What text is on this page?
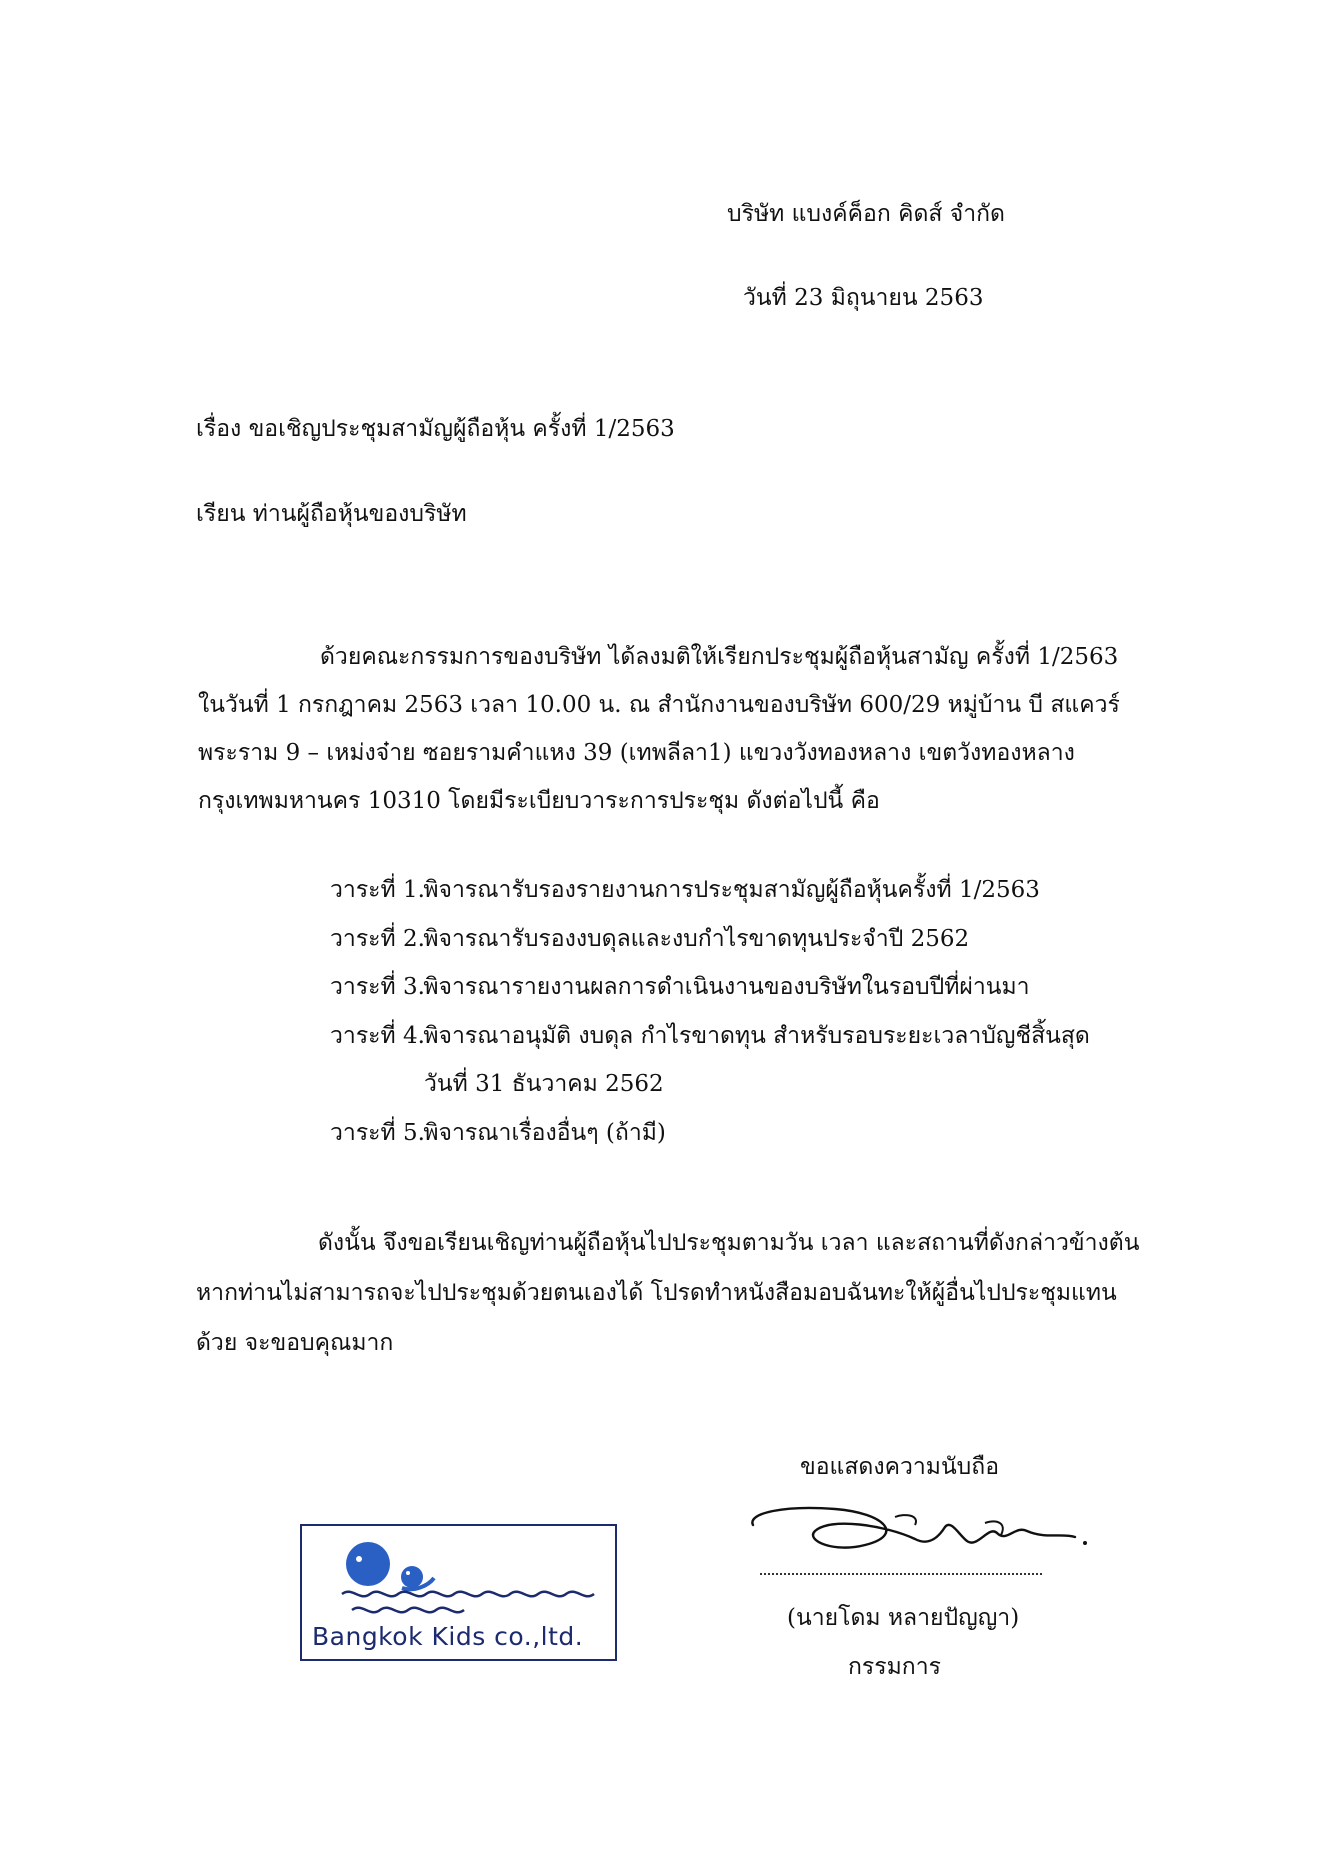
บริษัท แบงค์ค็อก คิดส์ จำกัด
วันที่ 23 มิถุนายน 2563
เรื่อง ขอเชิญประชุมสามัญผู้ถือหุ้น ครั้งที่ 1/2563
เรียน ท่านผู้ถือหุ้นของบริษัท
ด้วยคณะกรรมการของบริษัท ได้ลงมติให้เรียกประชุมผู้ถือหุ้นสามัญ ครั้งที่ 1/2563
ในวันที่ 1 กรกฎาคม 2563 เวลา 10.00 น. ณ สำนักงานของบริษัท 600/29 หมู่บ้าน บี สแควร์
พระราม 9 – เหม่งจ๋าย ซอยรามคำแหง 39 (เทพลีลา1) แขวงวังทองหลาง เขตวังทองหลาง
กรุงเทพมหานคร 10310 โดยมีระเบียบวาระการประชุม ดังต่อไปนี้ คือ
วาระที่ 1. พิจารณารับรองรายงานการประชุมสามัญผู้ถือหุ้นครั้งที่ 1/2563
วาระที่ 2. พิจารณารับรองงบดุลและงบกำไรขาดทุนประจำปี 2562
วาระที่ 3. พิจารณารายงานผลการดำเนินงานของบริษัทในรอบปีที่ผ่านมา
วาระที่ 4. พิจารณาอนุมัติ งบดุล กำไรขาดทุน สำหรับรอบระยะเวลาบัญชีสิ้นสุด
วันที่ 31 ธันวาคม 2562
วาระที่ 5. พิจารณาเรื่องอื่นๆ (ถ้ามี)
ดังนั้น จึงขอเรียนเชิญท่านผู้ถือหุ้นไปประชุมตามวัน เวลา และสถานที่ดังกล่าวข้างต้น
หากท่านไม่สามารถจะไปประชุมด้วยตนเองได้ โปรดทำหนังสือมอบฉันทะให้ผู้อื่นไปประชุมแทน
ด้วย จะขอบคุณมาก
ขอแสดงความนับถือ
(นายโดม หลายปัญญา)
กรรมการ
Bangkok Kids co.,ltd.
